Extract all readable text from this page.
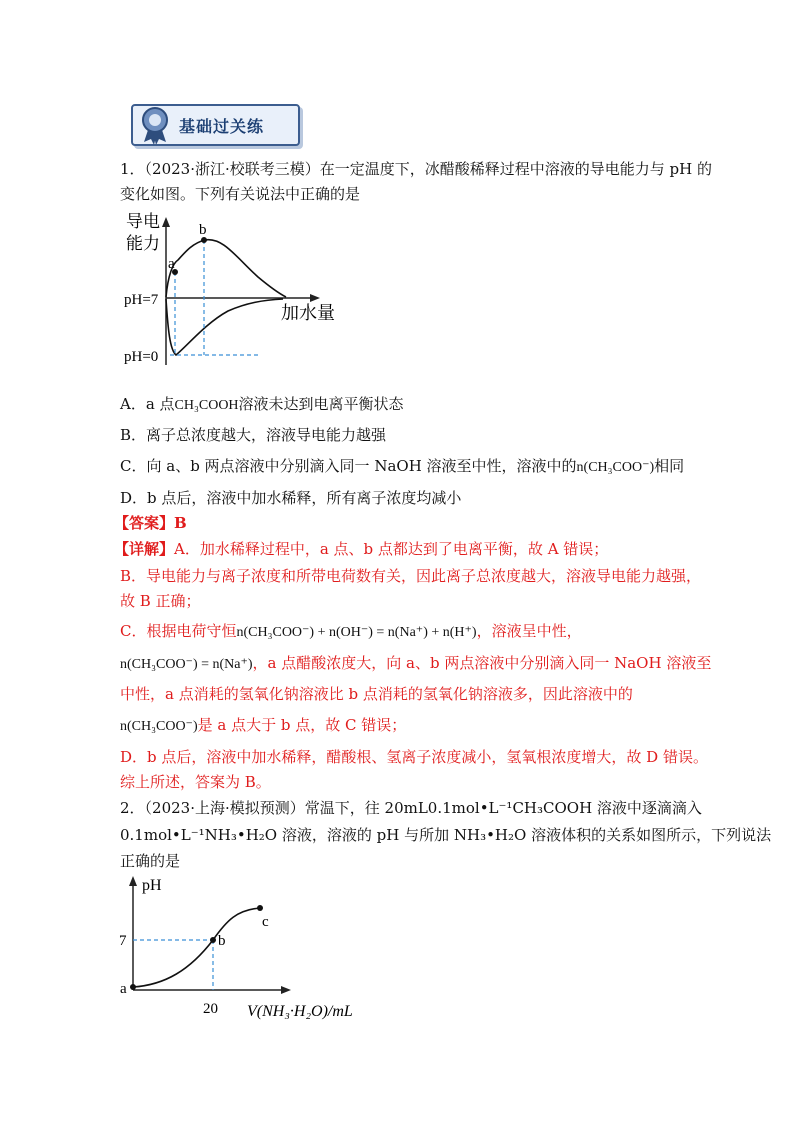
基础过关练
1．（2023·浙江·校联考三模）在一定温度下，冰醋酸稀释过程中溶液的导电能力与 pH 的
变化如图。下列有关说法中正确的是
导电
能力
pH=7
pH=0
加水量
a
b
A．a 点CH₃COOH溶液未达到电离平衡状态
B．离子总浓度越大，溶液导电能力越强
C．向 a、b 两点溶液中分别滴入同一 NaOH 溶液至中性，溶液中的n(CH₃COO⁻)相同
D．b 点后，溶液中加水稀释，所有离子浓度均减小
【答案】B
【详解】A．加水稀释过程中，a 点、b 点都达到了电离平衡，故 A 错误；
B．导电能力与离子浓度和所带电荷数有关，因此离子总浓度越大，溶液导电能力越强，
故 B 正确；
C．根据电荷守恒n(CH₃COO⁻) + n(OH⁻) = n(Na⁺) + n(H⁺)，溶液呈中性，
n(CH₃COO⁻) = n(Na⁺)，a 点醋酸浓度大，向 a、b 两点溶液中分别滴入同一 NaOH 溶液至
中性，a 点消耗的氢氧化钠溶液比 b 点消耗的氢氧化钠溶液多，因此溶液中的
n(CH₃COO⁻)是 a 点大于 b 点，故 C 错误；
D．b 点后，溶液中加水稀释，醋酸根、氢离子浓度减小，氢氧根浓度增大，故 D 错误。
综上所述，答案为 B。
2．（2023·上海·模拟预测）常温下，往 20mL0.1mol•L⁻¹CH₃COOH 溶液中逐滴滴入
0.1mol•L⁻¹NH₃•H₂O 溶液，溶液的 pH 与所加 NH₃•H₂O 溶液体积的关系如图所示，下列说法
正确的是
pH
7
20 V(NH₃·H₂O)/mL
a
b
c
